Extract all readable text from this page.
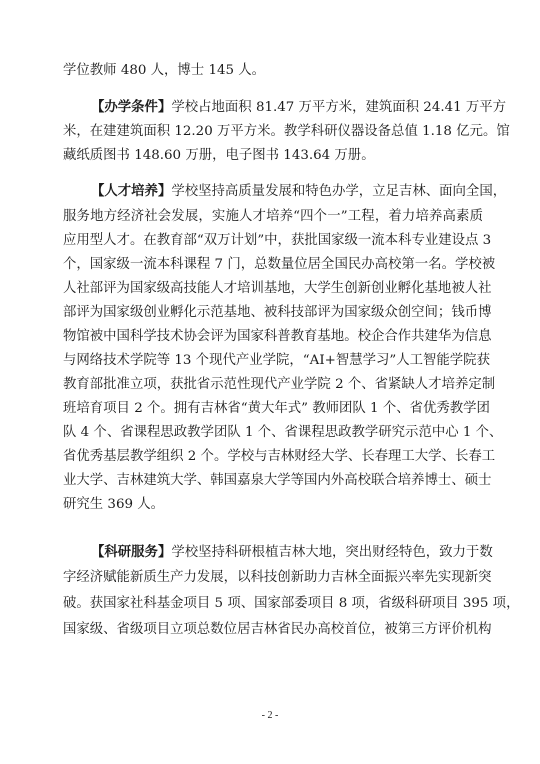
学位教师 480 人，博士 145 人。
【办学条件】学校占地面积 81.47 万平方米，建筑面积 24.41 万平方
米，在建建筑面积 12.20 万平方米。教学科研仪器设备总值 1.18 亿元。馆
藏纸质图书 148.60 万册，电子图书 143.64 万册。
【人才培养】学校坚持高质量发展和特色办学，立足吉林、面向全国，
服务地方经济社会发展，实施人才培养“四个一”工程，着力培养高素质
应用型人才。在教育部“双万计划”中，获批国家级一流本科专业建设点 3
个，国家级一流本科课程 7 门，总数量位居全国民办高校第一名。学校被
人社部评为国家级高技能人才培训基地，大学生创新创业孵化基地被人社
部评为国家级创业孵化示范基地、被科技部评为国家级众创空间；钱币博
物馆被中国科学技术协会评为国家科普教育基地。校企合作共建华为信息
与网络技术学院等 13 个现代产业学院，“AI+智慧学习”人工智能学院获
教育部批准立项，获批省示范性现代产业学院 2 个、省紧缺人才培养定制
班培育项目 2 个。拥有吉林省“黄大年式” 教师团队 1 个、省优秀教学团
队 4 个、省课程思政教学团队 1 个、省课程思政教学研究示范中心 1 个、
省优秀基层教学组织 2 个。学校与吉林财经大学、长春理工大学、长春工
业大学、吉林建筑大学、韩国嘉泉大学等国内外高校联合培养博士、硕士
研究生 369 人。
【科研服务】学校坚持科研根植吉林大地，突出财经特色，致力于数
字经济赋能新质生产力发展，以科技创新助力吉林全面振兴率先实现新突
破。获国家社科基金项目 5 项、国家部委项目 8 项，省级科研项目 395 项，
国家级、省级项目立项总数位居吉林省民办高校首位，被第三方评价机构
- 2 -
